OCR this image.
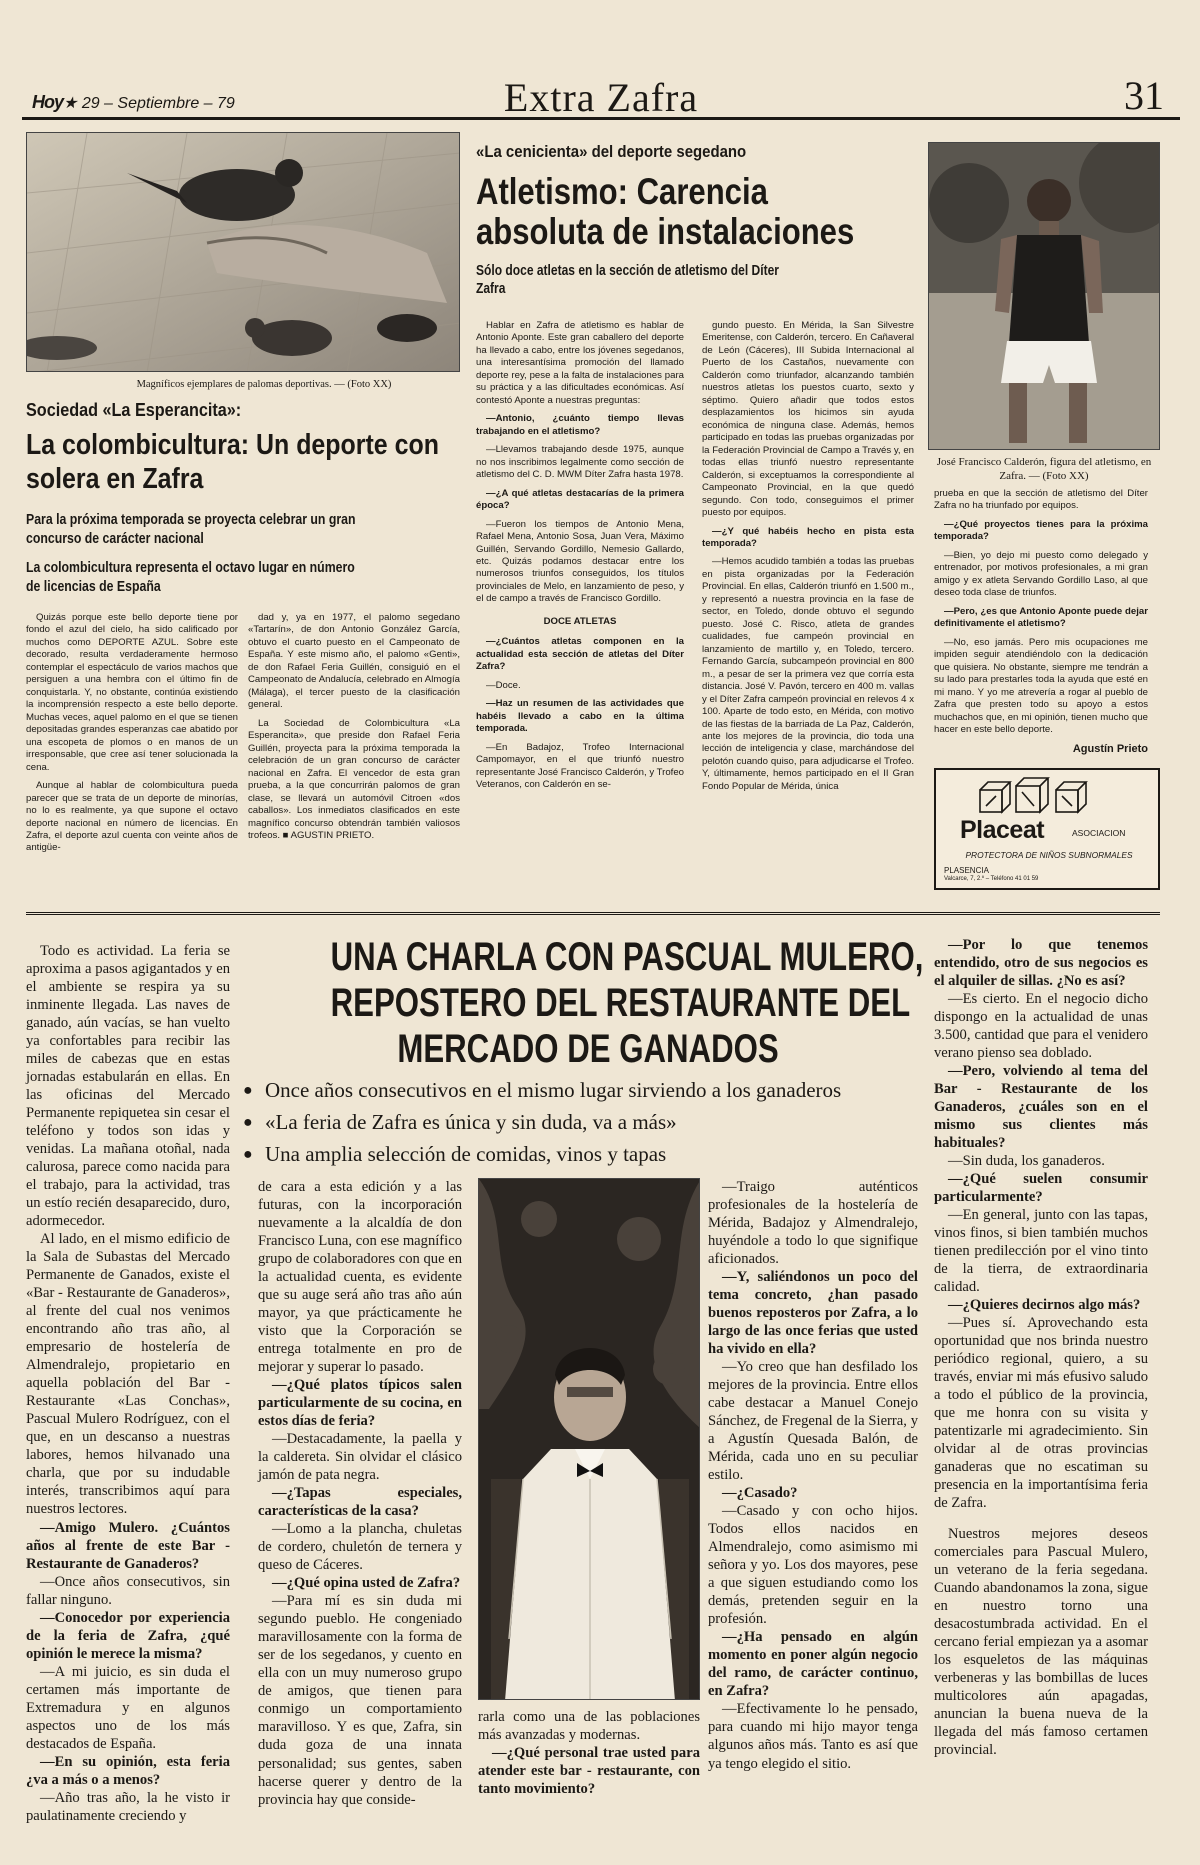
Hoy★ 29 – Septiembre – 79	Extra Zafra	31
Magníficos ejemplares de palomas deportivas. — (Foto XX)
Sociedad «La Esperancita»:
La colombicultura: Un deporte con
solera en Zafra
Para la próxima temporada se proyecta celebrar un gran
concurso de carácter nacional
La colombicultura representa el octavo lugar en número
de licencias de España

Quizás porque este bello deporte tiene por fondo el azul del cielo, ha sido calificado por muchos como DEPORTE AZUL. Sobre este decorado, resulta verdaderamente hermoso contemplar el espectáculo de varios machos que persiguen a una hembra con el último fin de conquistarla. Y, no obstante, continúa existiendo la incomprensión respecto a este bello deporte. Muchas veces, aquel palomo en el que se tienen depositadas grandes esperanzas cae abatido por una escopeta de plomos o en manos de un irresponsable, que cree así tener solucionada la cena.

Aunque al hablar de colombicultura pueda parecer que se trata de un deporte de minorías, no lo es realmente, ya que supone el octavo deporte nacional en número de licencias. En Zafra, el deporte azul cuenta con veinte años de antigüe-

dad y, ya en 1977, el palomo segedano «Tartarín», de don Antonio González García, obtuvo el cuarto puesto en el Campeonato de España. Y este mismo año, el palomo «Genti», de don Rafael Feria Guillén, consiguió en el Campeonato de Andalucía, celebrado en Almogía (Málaga), el tercer puesto de la clasificación general.

La Sociedad de Colombicultura «La Esperancita», que preside don Rafael Feria Guillén, proyecta para la próxima temporada la celebración de un gran concurso de carácter nacional en Zafra. El vencedor de esta gran prueba, a la que concurrirán palomos de gran clase, se llevará un automóvil Citroen «dos caballos». Los inmediatos clasificados en este magnífico concurso obtendrán también valiosos trofeos. ■ AGUSTIN PRIETO.

«La cenicienta» del deporte segedano
Atletismo: Carencia
absoluta de instalaciones
Sólo doce atletas en la sección de atletismo del Díter
Zafra

Hablar en Zafra de atletismo es hablar de Antonio Aponte. Este gran caballero del deporte ha llevado a cabo, entre los jóvenes segedanos, una interesantísima promoción del llamado deporte rey, pese a la falta de instalaciones para su práctica y a las dificultades económicas. Así contestó Aponte a nuestras preguntas:

—Antonio, ¿cuánto tiempo llevas trabajando en el atletismo?

—Llevamos trabajando desde 1975, aunque no nos inscribimos legalmente como sección de atletismo del C. D. MWM Díter Zafra hasta 1978.

—¿A qué atletas destacarías de la primera época?

—Fueron los tiempos de Antonio Mena, Rafael Mena, Antonio Sosa, Juan Vera, Máximo Guillén, Servando Gordillo, Nemesio Gallardo, etc. Quizás podamos destacar entre los numerosos triunfos conseguidos, los títulos provinciales de Melo, en lanzamiento de peso, y el de campo a través de Francisco Gordillo.

DOCE ATLETAS

—¿Cuántos atletas componen en la actualidad esta sección de atletas del Díter Zafra?

—Doce.

—Haz un resumen de las actividades que habéis llevado a cabo en la última temporada.

—En Badajoz, Trofeo Internacional Campomayor, en el que triunfó nuestro representante José Francisco Calderón, y Trofeo Veteranos, con Calderón en se-

gundo puesto. En Mérida, la San Silvestre Emeritense, con Calderón, tercero. En Cañaveral de León (Cáceres), III Subida Internacional al Puerto de los Castaños, nuevamente con Calderón como triunfador, alcanzando también nuestros atletas los puestos cuarto, sexto y séptimo. Quiero añadir que todos estos desplazamientos los hicimos sin ayuda económica de ninguna clase. Además, hemos participado en todas las pruebas organizadas por la Federación Provincial de Campo a Través y, en todas ellas triunfó nuestro representante Calderón, si exceptuamos la correspondiente al Campeonato Provincial, en la que quedó segundo. Con todo, conseguimos el primer puesto por equipos.

—¿Y qué habéis hecho en pista esta temporada?

—Hemos acudido también a todas las pruebas en pista organizadas por la Federación Provincial. En ellas, Calderón triunfó en 1.500 m., y representó a nuestra provincia en la fase de sector, en Toledo, donde obtuvo el segundo puesto. José C. Risco, atleta de grandes cualidades, fue campeón provincial en lanzamiento de martillo y, en Toledo, tercero. Fernando García, subcampeón provincial en 800 m., a pesar de ser la primera vez que corría esta distancia. José V. Pavón, tercero en 400 m. vallas y el Díter Zafra campeón provincial en relevos 4 x 100. Aparte de todo esto, en Mérida, con motivo de las fiestas de la barriada de La Paz, Calderón, ante los mejores de la provincia, dio toda una lección de inteligencia y clase, marchándose del pelotón cuando quiso, para adjudicarse el Trofeo. Y, últimamente, hemos participado en el II Gran Fondo Popular de Mérida, única

José Francisco Calderón, figura del atletismo, en Zafra. — (Foto XX)

prueba en que la sección de atletismo del Díter Zafra no ha triunfado por equipos.

—¿Qué proyectos tienes para la próxima temporada?

—Bien, yo dejo mi puesto como delegado y entrenador, por motivos profesionales, a mi gran amigo y ex atleta Servando Gordillo Laso, al que deseo toda clase de triunfos.

—Pero, ¿es que Antonio Aponte puede dejar definitivamente el atletismo?

—No, eso jamás. Pero mis ocupaciones me impiden seguir atendiéndolo con la dedicación que quisiera. No obstante, siempre me tendrán a su lado para prestarles toda la ayuda que esté en mi mano. Y yo me atrevería a rogar al pueblo de Zafra que presten todo su apoyo a estos muchachos que, en mi opinión, tienen mucho que hacer en este bello deporte.

Agustín Prieto

Placeat	ASOCIACION
PROTECTORA DE NIÑOS SUBNORMALES
PLASENCIA
Valcarce, 7, 2.º – Teléfono 41 01 59
UNA CHARLA CON PASCUAL MULERO,
REPOSTERO DEL RESTAURANTE DEL
MERCADO DE GANADOS
● Once años consecutivos en el mismo lugar sirviendo a los ganaderos
● «La feria de Zafra es única y sin duda, va a más»
● Una amplia selección de comidas, vinos y tapas

Todo es actividad. La feria se aproxima a pasos agigantados y en el ambiente se respira ya su inminente llegada. Las naves de ganado, aún vacías, se han vuelto ya confortables para recibir las miles de cabezas que en estas jornadas estabularán en ellas. En las oficinas del Mercado Permanente repiquetea sin cesar el teléfono y todos son idas y venidas. La mañana otoñal, nada calurosa, parece como nacida para el trabajo, para la actividad, tras un estío recién desaparecido, duro, adormecedor.

Al lado, en el mismo edificio de la Sala de Subastas del Mercado Permanente de Ganados, existe el «Bar - Restaurante de Ganaderos», al frente del cual nos venimos encontrando año tras año, al empresario de hostelería de Almendralejo, propietario en aquella población del Bar - Restaurante «Las Conchas», Pascual Mulero Rodríguez, con el que, en un descanso a nuestras labores, hemos hilvanado una charla, que por su indudable interés, transcribimos aquí para nuestros lectores.

—Amigo Mulero. ¿Cuántos años al frente de este Bar - Restaurante de Ganaderos?

—Once años consecutivos, sin fallar ninguno.

—Conocedor por experiencia de la feria de Zafra, ¿qué opinión le merece la misma?

—A mi juicio, es sin duda el certamen más importante de Extremadura y en algunos aspectos uno de los más destacados de España.

—En su opinión, esta feria ¿va a más o a menos?

—Año tras año, la he visto ir paulatinamente creciendo y

de cara a esta edición y a las futuras, con la incorporación nuevamente a la alcaldía de don Francisco Luna, con ese magnífico grupo de colaboradores con que en la actualidad cuenta, es evidente que su auge será año tras año aún mayor, ya que prácticamente he visto que la Corporación se entrega totalmente en pro de mejorar y superar lo pasado.

—¿Qué platos típicos salen particularmente de su cocina, en estos días de feria?

—Destacadamente, la paella y la caldereta. Sin olvidar el clásico jamón de pata negra.

—¿Tapas especiales, características de la casa?

—Lomo a la plancha, chuletas de cordero, chuletón de ternera y queso de Cáceres.

—¿Qué opina usted de Zafra?

—Para mí es sin duda mi segundo pueblo. He congeniado maravillosamente con la forma de ser de los segedanos, y cuento en ella con un muy numeroso grupo de amigos, que tienen para conmigo un comportamiento maravilloso. Y es que, Zafra, sin duda goza de una innata personalidad; sus gentes, saben hacerse querer y dentro de la provincia hay que conside-

rarla como una de las poblaciones más avanzadas y modernas.

—¿Qué personal trae usted para atender este bar - restaurante, con tanto movimiento?

—Traigo auténticos profesionales de la hostelería de Mérida, Badajoz y Almendralejo, huyéndole a todo lo que signifique aficionados.

—Y, saliéndonos un poco del tema concreto, ¿han pasado buenos reposteros por Zafra, a lo largo de las once ferias que usted ha vivido en ella?

—Yo creo que han desfilado los mejores de la provincia. Entre ellos cabe destacar a Manuel Conejo Sánchez, de Fregenal de la Sierra, y a Agustín Quesada Balón, de Mérida, cada uno en su peculiar estilo.

—¿Casado?

—Casado y con ocho hijos. Todos ellos nacidos en Almendralejo, como asimismo mi señora y yo. Los dos mayores, pese a que siguen estudiando como los demás, pretenden seguir en la profesión.

—¿Ha pensado en algún momento en poner algún negocio del ramo, de carácter continuo, en Zafra?

—Efectivamente lo he pensado, para cuando mi hijo mayor tenga algunos años más. Tanto es así que ya tengo elegido el sitio.

—Por lo que tenemos entendido, otro de sus negocios es el alquiler de sillas. ¿No es así?

—Es cierto. En el negocio dicho dispongo en la actualidad de unas 3.500, cantidad que para el venidero verano pienso sea doblado.

—Pero, volviendo al tema del Bar - Restaurante de los Ganaderos, ¿cuáles son en el mismo sus clientes más habituales?

—Sin duda, los ganaderos.

—¿Qué suelen consumir particularmente?

—En general, junto con las tapas, vinos finos, si bien también muchos tienen predilección por el vino tinto de la tierra, de extraordinaria calidad.

—¿Quieres decirnos algo más?

—Pues sí. Aprovechando esta oportunidad que nos brinda nuestro periódico regional, quiero, a su través, enviar mi más efusivo saludo a todo el público de la provincia, que me honra con su visita y patentizarle mi agradecimiento. Sin olvidar al de otras provincias ganaderas que no escatiman su presencia en la importantísima feria de Zafra.

Nuestros mejores deseos comerciales para Pascual Mulero, un veterano de la feria segedana. Cuando abandonamos la zona, sigue en nuestro torno una desacostumbrada actividad. En el cercano ferial empiezan ya a asomar los esqueletos de las máquinas verbeneras y las bombillas de luces multicolores aún apagadas, anuncian la buena nueva de la llegada del más famoso certamen provincial.
